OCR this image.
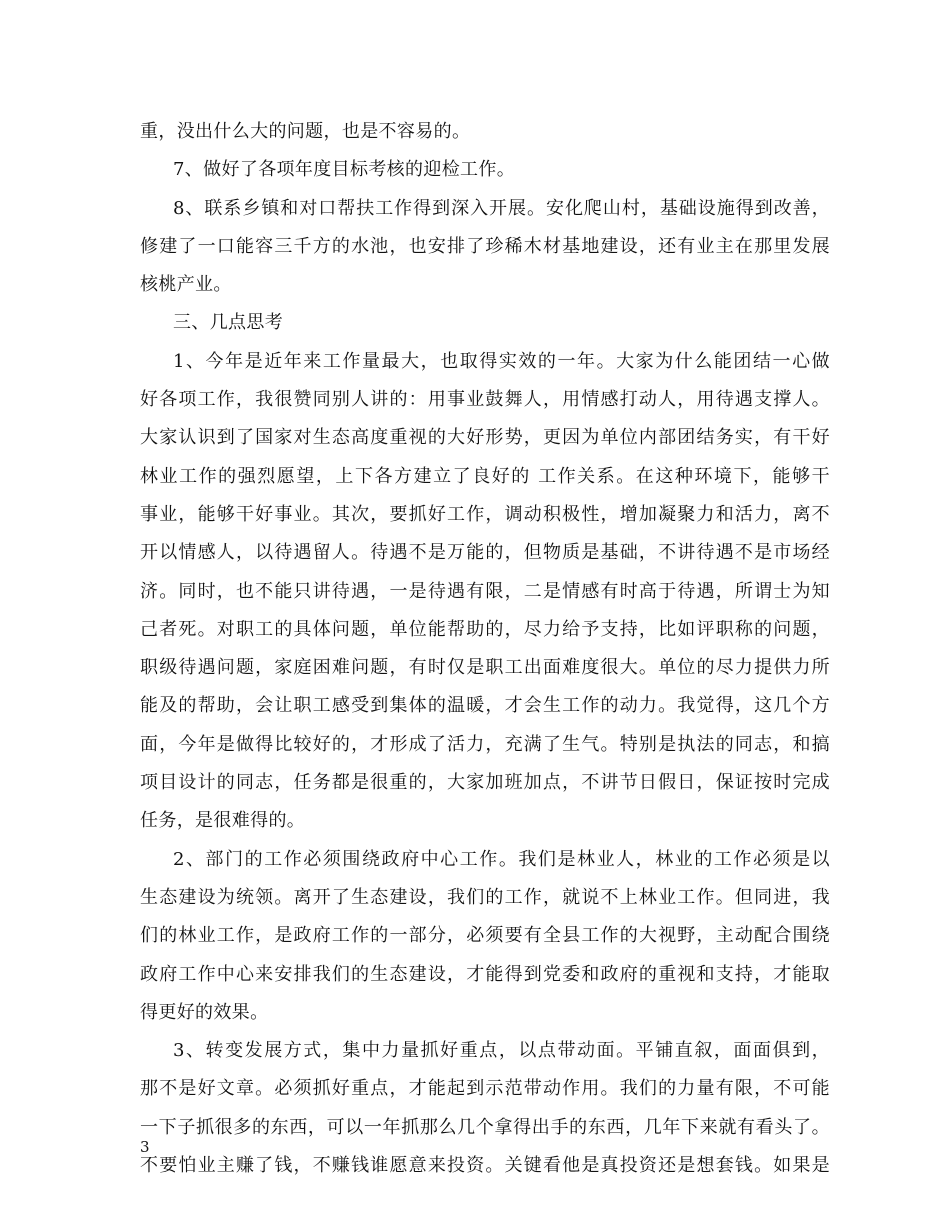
重，没出什么大的问题，也是不容易的。
7、做好了各项年度目标考核的迎检工作。
8、联系乡镇和对口帮扶工作得到深入开展。安化爬山村，基础设施得到改善，
修建了一口能容三千方的水池，也安排了珍稀木材基地建设，还有业主在那里发展
核桃产业。
三、几点思考
1、今年是近年来工作量最大，也取得实效的一年。大家为什么能团结一心做
好各项工作，我很赞同别人讲的：用事业鼓舞人，用情感打动人，用待遇支撑人。
大家认识到了国家对生态高度重视的大好形势，更因为单位内部团结务实，有干好
林业工作的强烈愿望，上下各方建立了良好的 工作关系。在这种环境下，能够干
事业，能够干好事业。其次，要抓好工作，调动积极性，增加凝聚力和活力，离不
开以情感人，以待遇留人。待遇不是万能的，但物质是基础，不讲待遇不是市场经
济。同时，也不能只讲待遇，一是待遇有限，二是情感有时高于待遇，所谓士为知
己者死。对职工的具体问题，单位能帮助的，尽力给予支持，比如评职称的问题，
职级待遇问题，家庭困难问题，有时仅是职工出面难度很大。单位的尽力提供力所
能及的帮助，会让职工感受到集体的温暖，才会生工作的动力。我觉得，这几个方
面，今年是做得比较好的，才形成了活力，充满了生气。特别是执法的同志，和搞
项目设计的同志，任务都是很重的，大家加班加点，不讲节日假日，保证按时完成
任务，是很难得的。
2、部门的工作必须围绕政府中心工作。我们是林业人，林业的工作必须是以
生态建设为统领。离开了生态建设，我们的工作，就说不上林业工作。但同进，我
们的林业工作，是政府工作的一部分，必须要有全县工作的大视野，主动配合围绕
政府工作中心来安排我们的生态建设，才能得到党委和政府的重视和支持，才能取
得更好的效果。
3、转变发展方式，集中力量抓好重点，以点带动面。平铺直叙，面面俱到，
那不是好文章。必须抓好重点，才能起到示范带动作用。我们的力量有限，不可能
一下子抓很多的东西，可以一年抓那么几个拿得出手的东西，几年下来就有看头了。
不要怕业主赚了钱，不赚钱谁愿意来投资。关键看他是真投资还是想套钱。如果是
3
